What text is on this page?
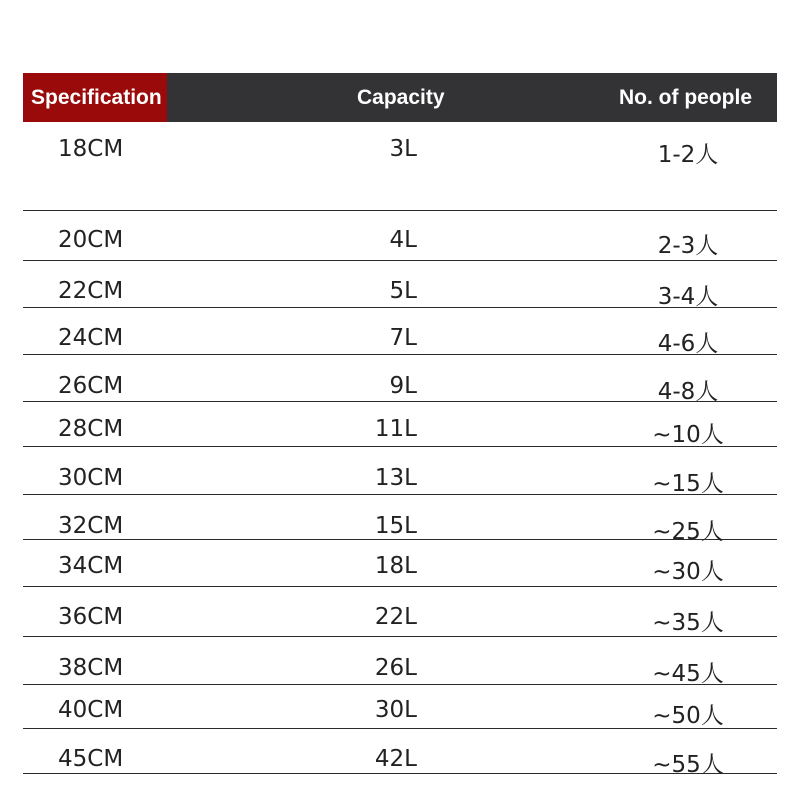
Specification	Capacity	No. of people
18CM	3L	1-2人
20CM	4L	2-3人
22CM	5L	3-4人
24CM	7L	4-6人
26CM	9L	4-8人
28CM	11L	~10人
30CM	13L	~15人
32CM	15L	~25人
34CM	18L	~30人
36CM	22L	~35人
38CM	26L	~45人
40CM	30L	~50人
45CM	42L	~55人
